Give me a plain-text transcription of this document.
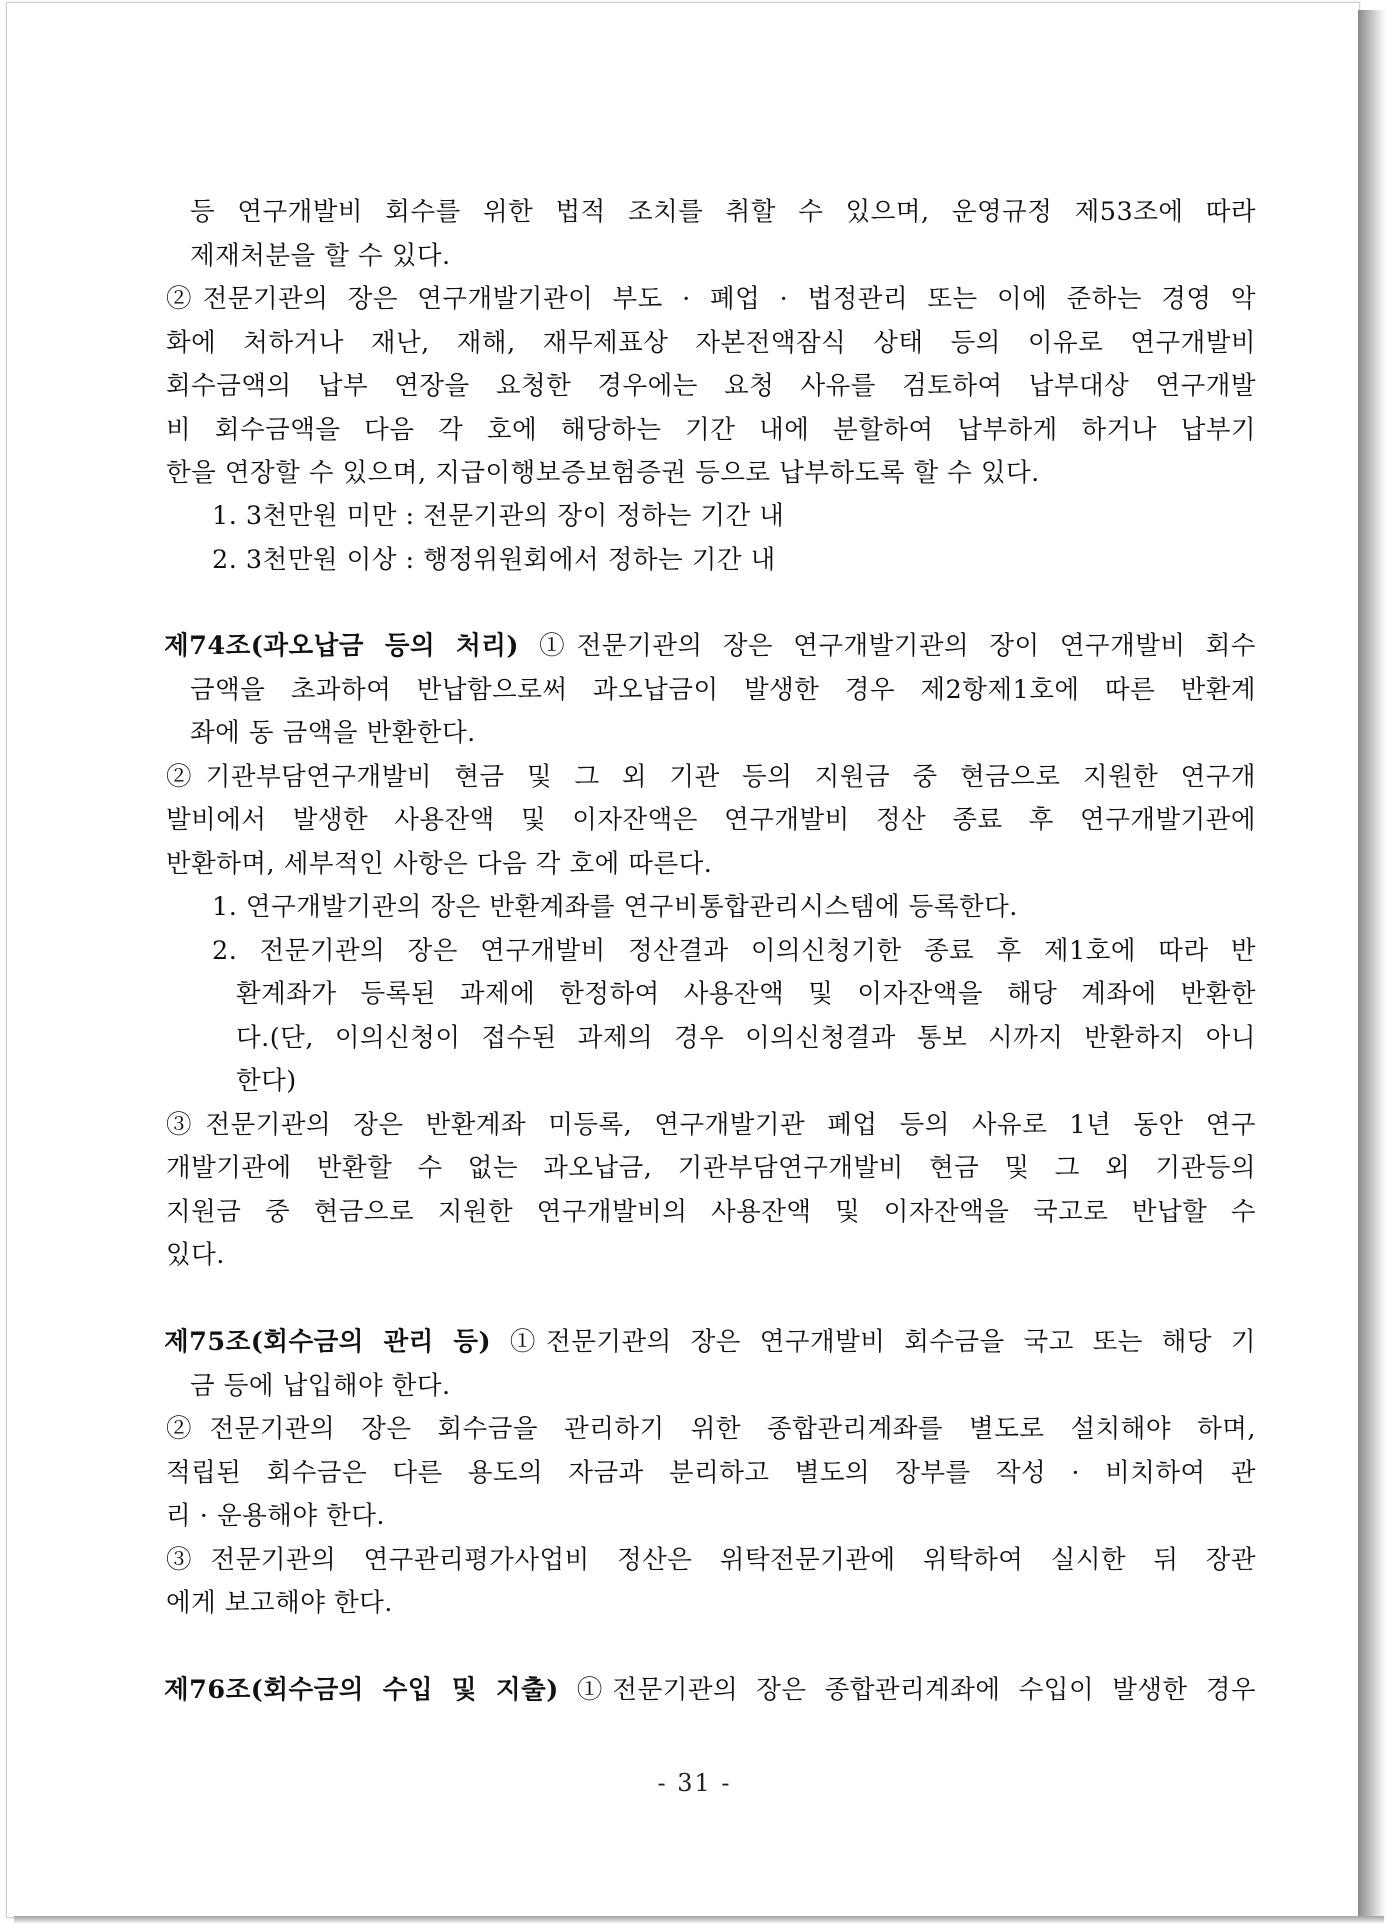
등 연구개발비 회수를 위한 법적 조치를 취할 수 있으며, 운영규정 제53조에 따라
제재처분을 할 수 있다.
②전문기관의 장은 연구개발기관이 부도 · 폐업 · 법정관리 또는 이에 준하는 경영 악
화에 처하거나 재난, 재해, 재무제표상 자본전액잠식 상태 등의 이유로 연구개발비
회수금액의 납부 연장을 요청한 경우에는 요청 사유를 검토하여 납부대상 연구개발
비 회수금액을 다음 각 호에 해당하는 기간 내에 분할하여 납부하게 하거나 납부기
한을 연장할 수 있으며, 지급이행보증보험증권 등으로 납부하도록 할 수 있다.
1. 3천만원 미만 : 전문기관의 장이 정하는 기간 내
2. 3천만원 이상 : 행정위원회에서 정하는 기간 내
제74조(과오납금 등의 처리) ①전문기관의 장은 연구개발기관의 장이 연구개발비 회수
금액을 초과하여 반납함으로써 과오납금이 발생한 경우 제2항제1호에 따른 반환계
좌에 동 금액을 반환한다.
②기관부담연구개발비 현금 및 그 외 기관 등의 지원금 중 현금으로 지원한 연구개
발비에서 발생한 사용잔액 및 이자잔액은 연구개발비 정산 종료 후 연구개발기관에
반환하며, 세부적인 사항은 다음 각 호에 따른다.
1. 연구개발기관의 장은 반환계좌를 연구비통합관리시스템에 등록한다.
2. 전문기관의 장은 연구개발비 정산결과 이의신청기한 종료 후 제1호에 따라 반
환계좌가 등록된 과제에 한정하여 사용잔액 및 이자잔액을 해당 계좌에 반환한
다.(단, 이의신청이 접수된 과제의 경우 이의신청결과 통보 시까지 반환하지 아니
한다)
③전문기관의 장은 반환계좌 미등록, 연구개발기관 폐업 등의 사유로 1년 동안 연구
개발기관에 반환할 수 없는 과오납금, 기관부담연구개발비 현금 및 그 외 기관등의
지원금 중 현금으로 지원한 연구개발비의 사용잔액 및 이자잔액을 국고로 반납할 수
있다.
제75조(회수금의 관리 등) ①전문기관의 장은 연구개발비 회수금을 국고 또는 해당 기
금 등에 납입해야 한다.
②전문기관의 장은 회수금을 관리하기 위한 종합관리계좌를 별도로 설치해야 하며,
적립된 회수금은 다른 용도의 자금과 분리하고 별도의 장부를 작성 · 비치하여 관
리 · 운용해야 한다.
③전문기관의 연구관리평가사업비 정산은 위탁전문기관에 위탁하여 실시한 뒤 장관
에게 보고해야 한다.
제76조(회수금의 수입 및 지출) ①전문기관의 장은 종합관리계좌에 수입이 발생한 경우
- 31 -
